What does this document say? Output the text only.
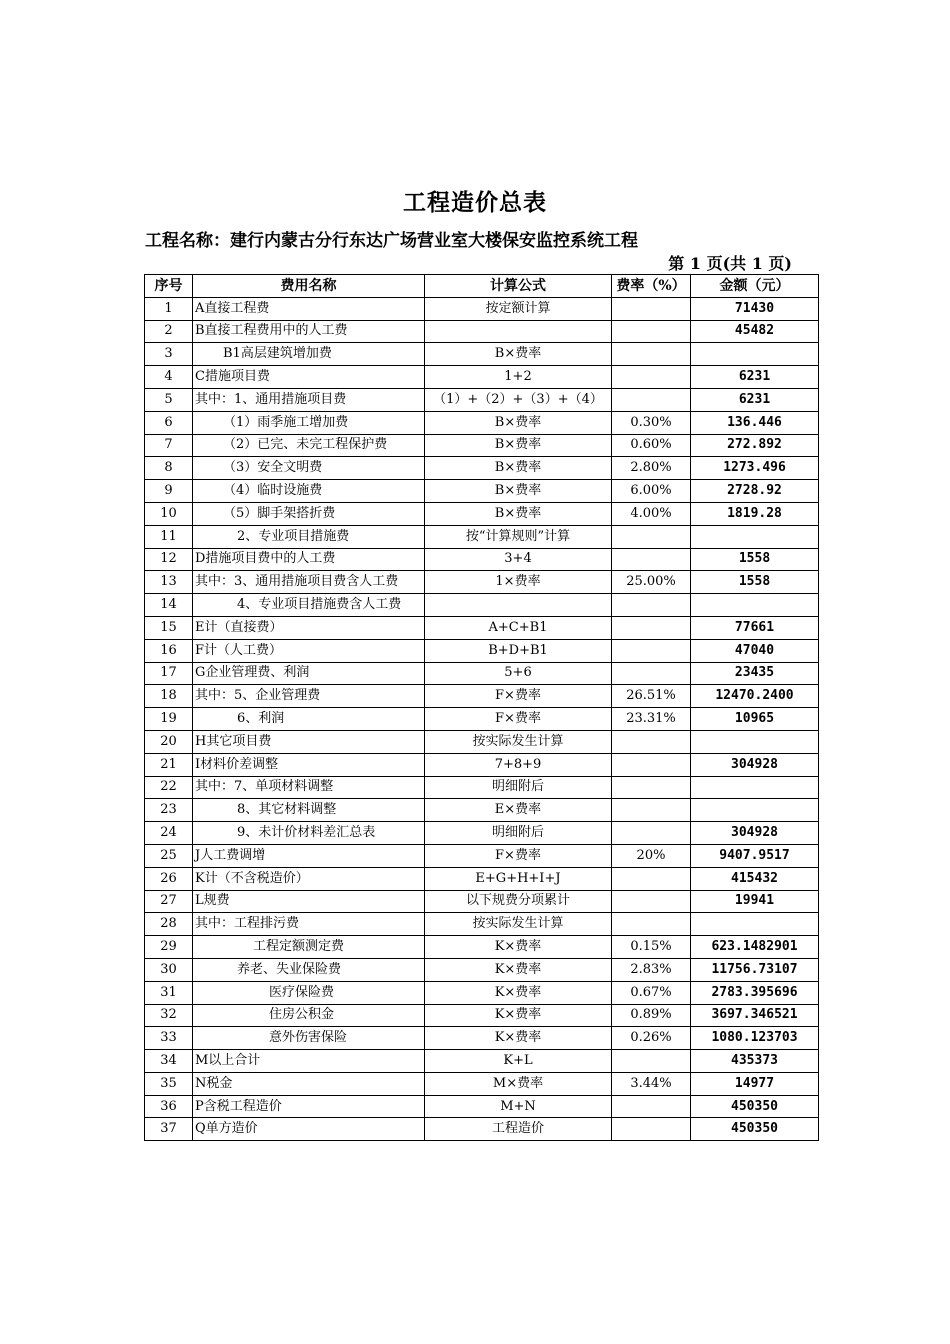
工程造价总表
工程名称：建行内蒙古分行东达广场营业室大楼保安监控系统工程
第 1 页(共 1 页)
序号	费用名称	计算公式	费率（%）	金额（元）
1	A直接工程费	按定额计算		71430
2	B直接工程费用中的人工费			45482
3	B1高层建筑增加费	B×费率		
4	C措施项目费	1+2		6231
5	其中：1、通用措施项目费	（1）+（2）+（3）+（4）		6231
6	（1）雨季施工增加费	B×费率	0.30%	136.446
7	（2）已完、未完工程保护费	B×费率	0.60%	272.892
8	（3）安全文明费	B×费率	2.80%	1273.496
9	（4）临时设施费	B×费率	6.00%	2728.92
10	（5）脚手架搭折费	B×费率	4.00%	1819.28
11	2、专业项目措施费	按“计算规则”计算		
12	D措施项目费中的人工费	3+4		1558
13	其中：3、通用措施项目费含人工费	1×费率	25.00%	1558
14	4、专业项目措施费含人工费			
15	E计（直接费）	A+C+B1		77661
16	F计（人工费）	B+D+B1		47040
17	G企业管理费、利润	5+6		23435
18	其中：5、企业管理费	F×费率	26.51%	12470.2400
19	6、利润	F×费率	23.31%	10965
20	H其它项目费	按实际发生计算		
21	I材料价差调整	7+8+9		304928
22	其中：7、单项材料调整	明细附后		
23	8、其它材料调整	E×费率		
24	9、未计价材料差汇总表	明细附后		304928
25	J人工费调增	F×费率	20%	9407.9517
26	K计（不含税造价）	E+G+H+I+J		415432
27	L规费	以下规费分项累计		19941
28	其中：工程排污费	按实际发生计算		
29	工程定额测定费	K×费率	0.15%	623.1482901
30	养老、失业保险费	K×费率	2.83%	11756.73107
31	医疗保险费	K×费率	0.67%	2783.395696
32	住房公积金	K×费率	0.89%	3697.346521
33	意外伤害保险	K×费率	0.26%	1080.123703
34	M以上合计	K+L		435373
35	N税金	M×费率	3.44%	14977
36	P含税工程造价	M+N		450350
37	Q单方造价	工程造价		450350
